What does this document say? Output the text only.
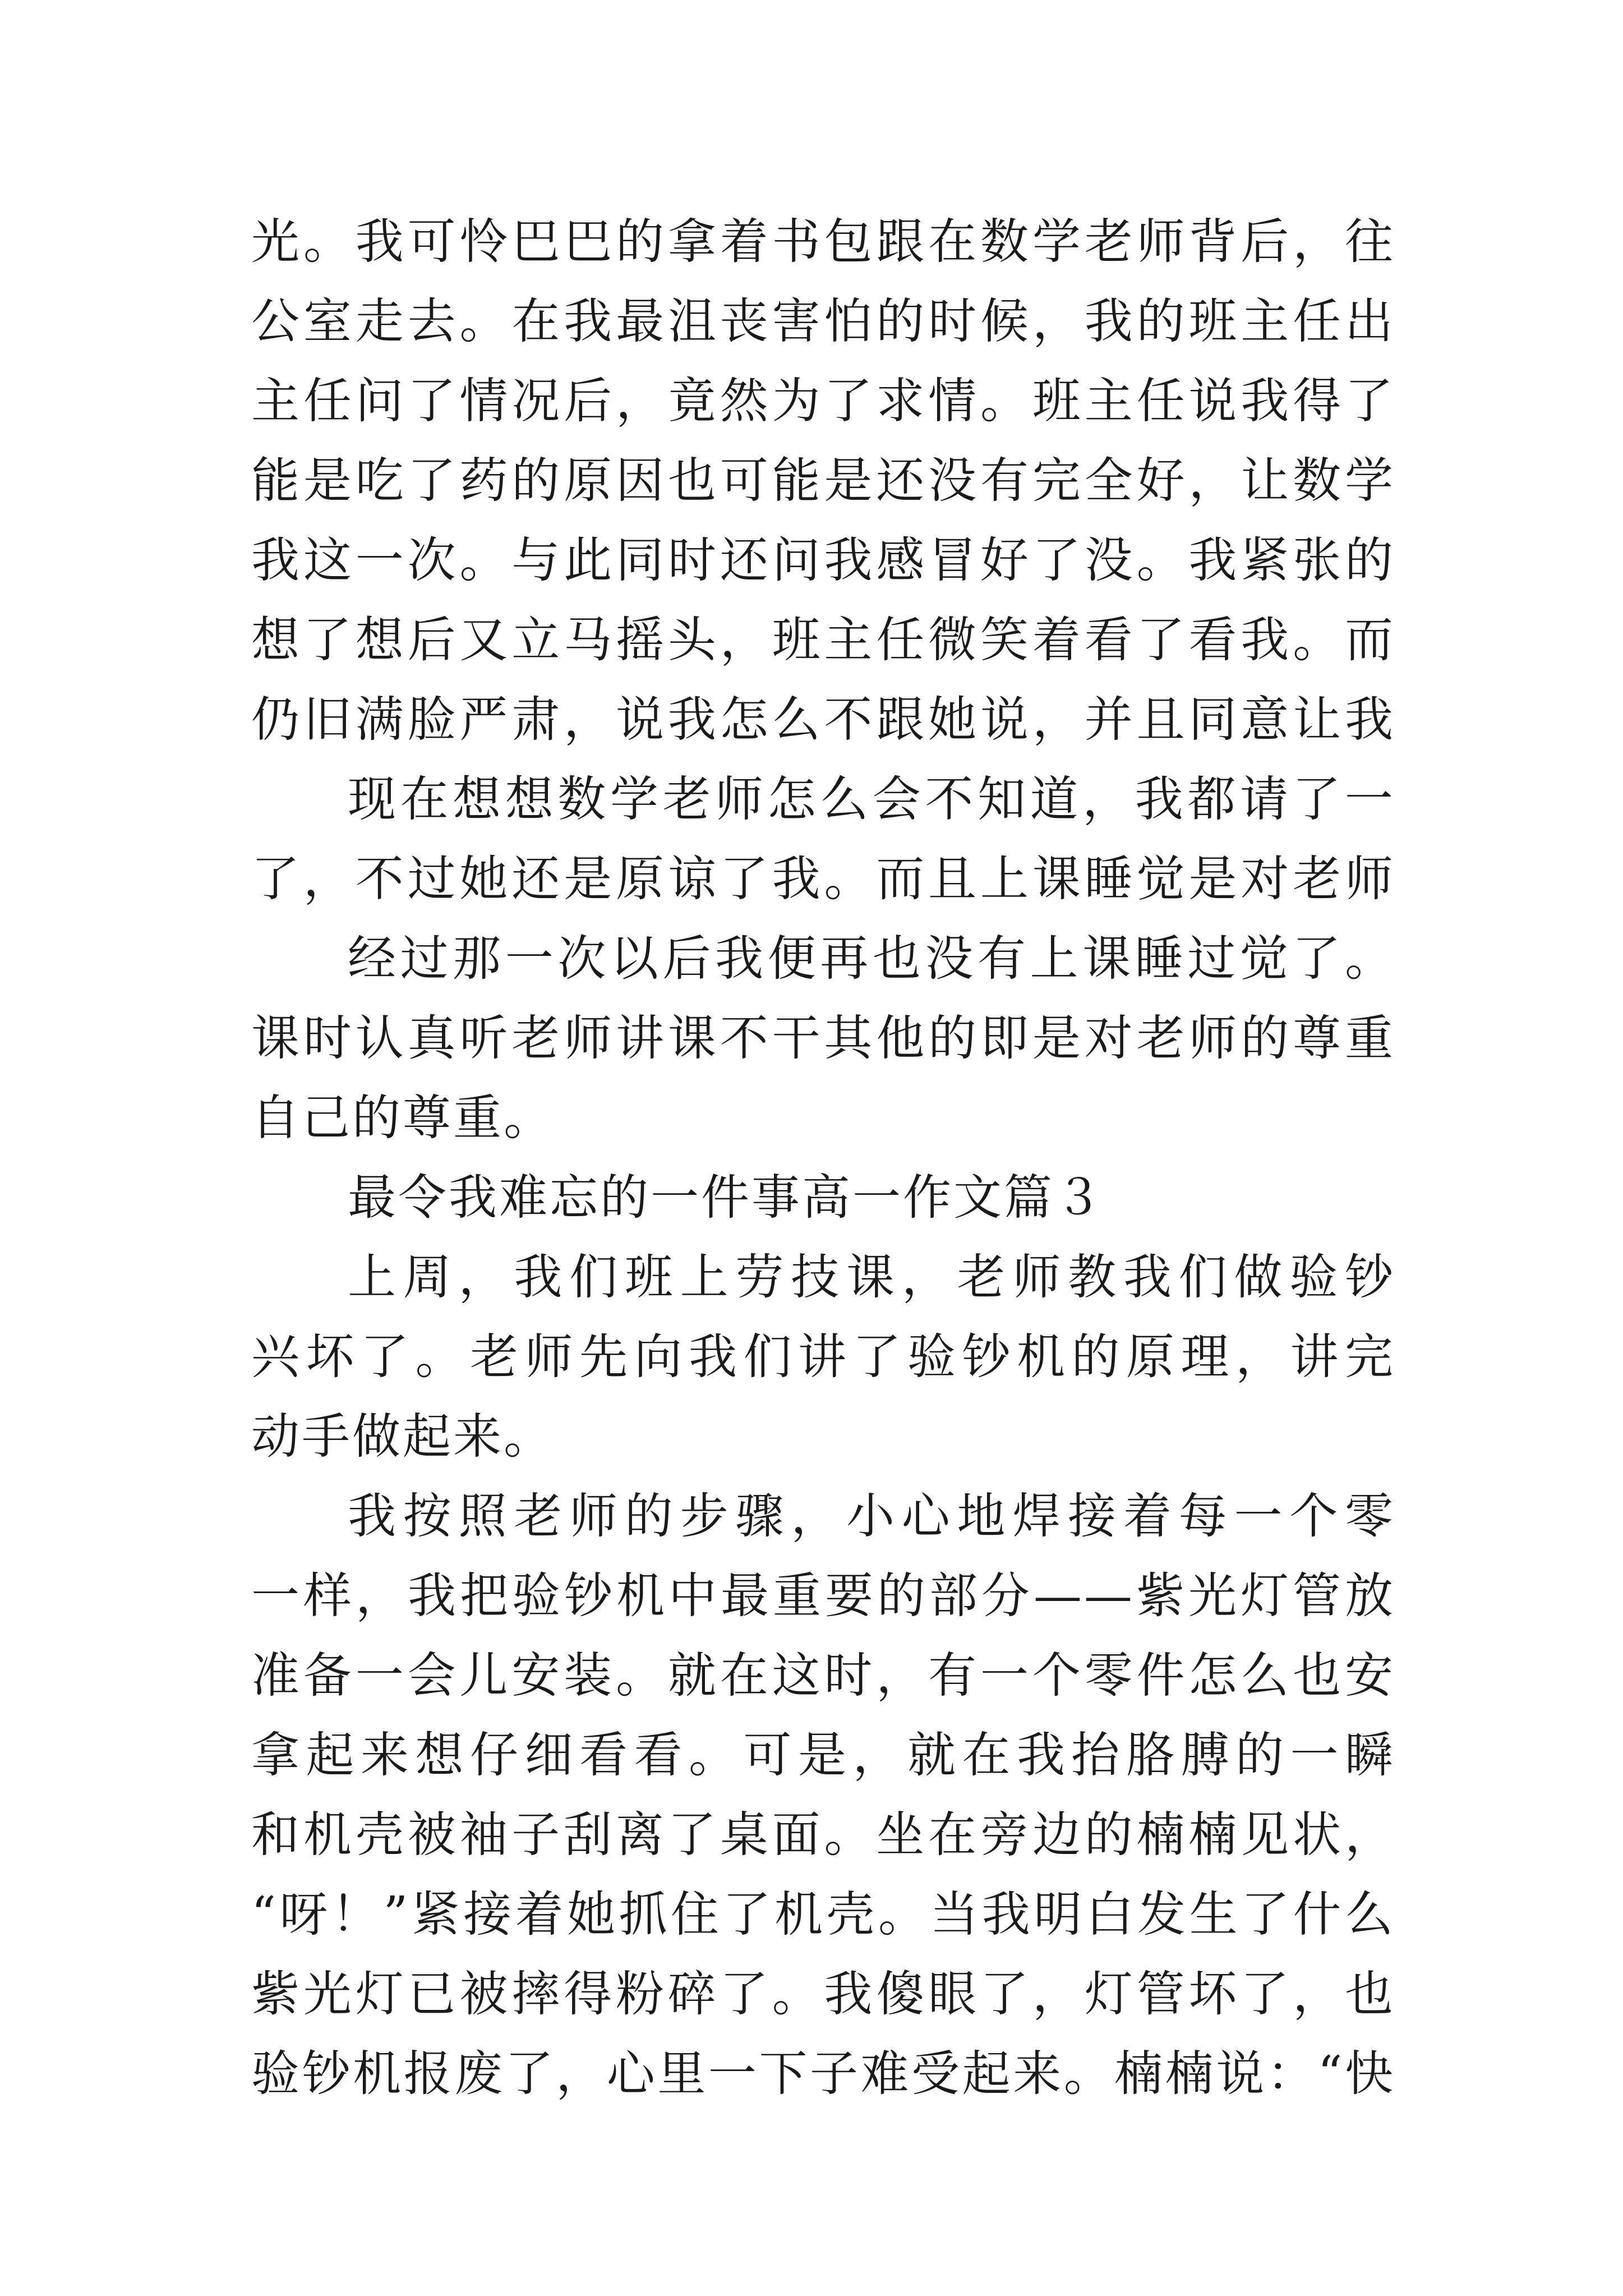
光。我可怜巴巴的拿着书包跟在数学老师背后，往
公室走去。在我最沮丧害怕的时候，我的班主任出
主任问了情况后，竟然为了求情。班主任说我得了
能是吃了药的原因也可能是还没有完全好，让数学
我这一次。与此同时还问我感冒好了没。我紧张的
想了想后又立马摇头，班主任微笑着看了看我。而
仍旧满脸严肃，说我怎么不跟她说，并且同意让我
现在想想数学老师怎么会不知道，我都请了一
了，不过她还是原谅了我。而且上课睡觉是对老师
经过那一次以后我便再也没有上课睡过觉了。
课时认真听老师讲课不干其他的即是对老师的尊重
自己的尊重。
最令我难忘的一件事高一作文篇３
上周，我们班上劳技课，老师教我们做验钞
兴坏了。老师先向我们讲了验钞机的原理，讲完
动手做起来。
我按照老师的步骤，小心地焊接着每一个零
一样，我把验钞机中最重要的部分——紫光灯管放
准备一会儿安装。就在这时，有一个零件怎么也安
拿起来想仔细看看。可是，就在我抬胳膊的一瞬
和机壳被袖子刮离了桌面。坐在旁边的楠楠见状，
“呀！”紧接着她抓住了机壳。当我明白发生了什么
紫光灯已被摔得粉碎了。我傻眼了，灯管坏了，也
验钞机报废了，心里一下子难受起来。楠楠说：“快
